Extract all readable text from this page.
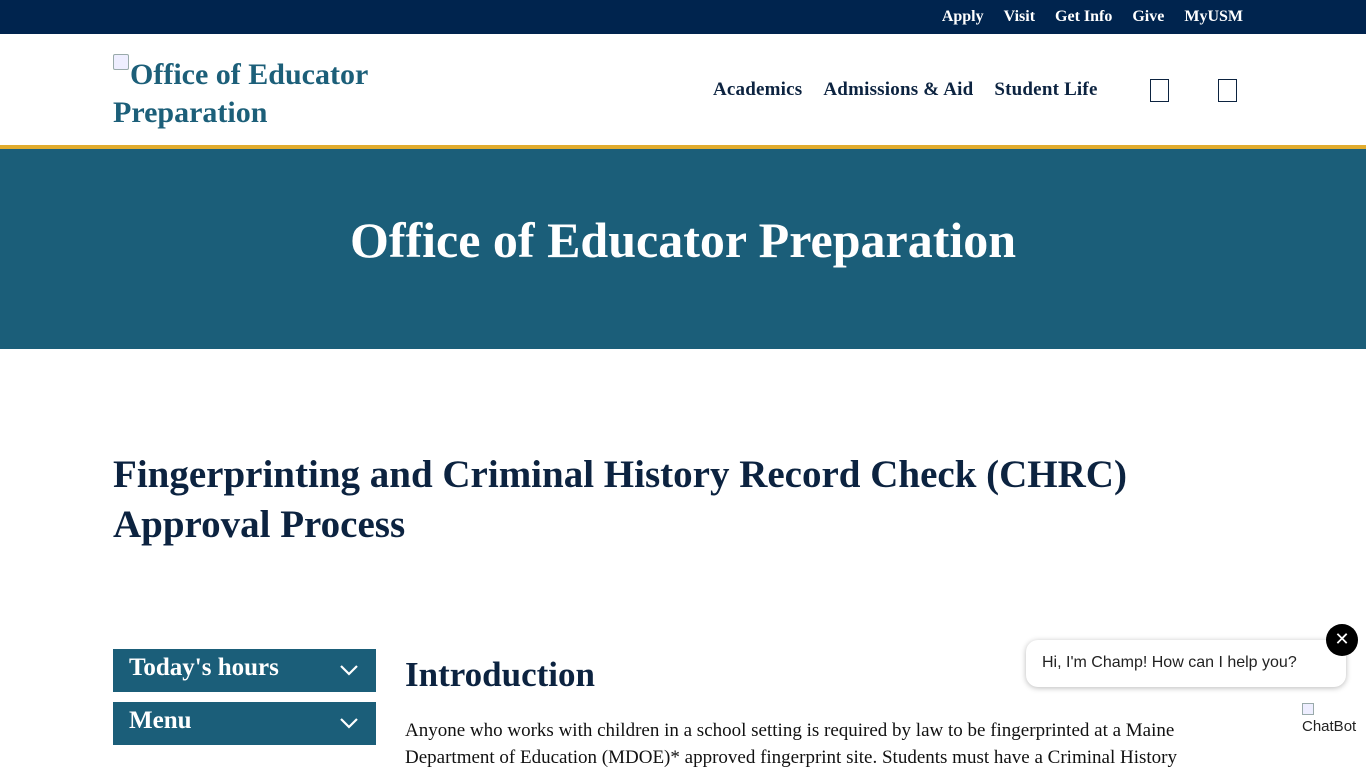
Apply Visit Get Info Give MyUSM
Office of Educator
Preparation
Academics Admissions & Aid Student Life
Office of Educator Preparation
Fingerprinting and Criminal History Record Check (CHRC) Approval Process
Today's hours
Menu
Introduction

Anyone who works with children in a school setting is required by law to be fingerprinted at a Maine Department of Education (MDOE)* approved fingerprint site. Students must have a Criminal History

Hi, I'm Champ! How can I help you?
✕
ChatBot
